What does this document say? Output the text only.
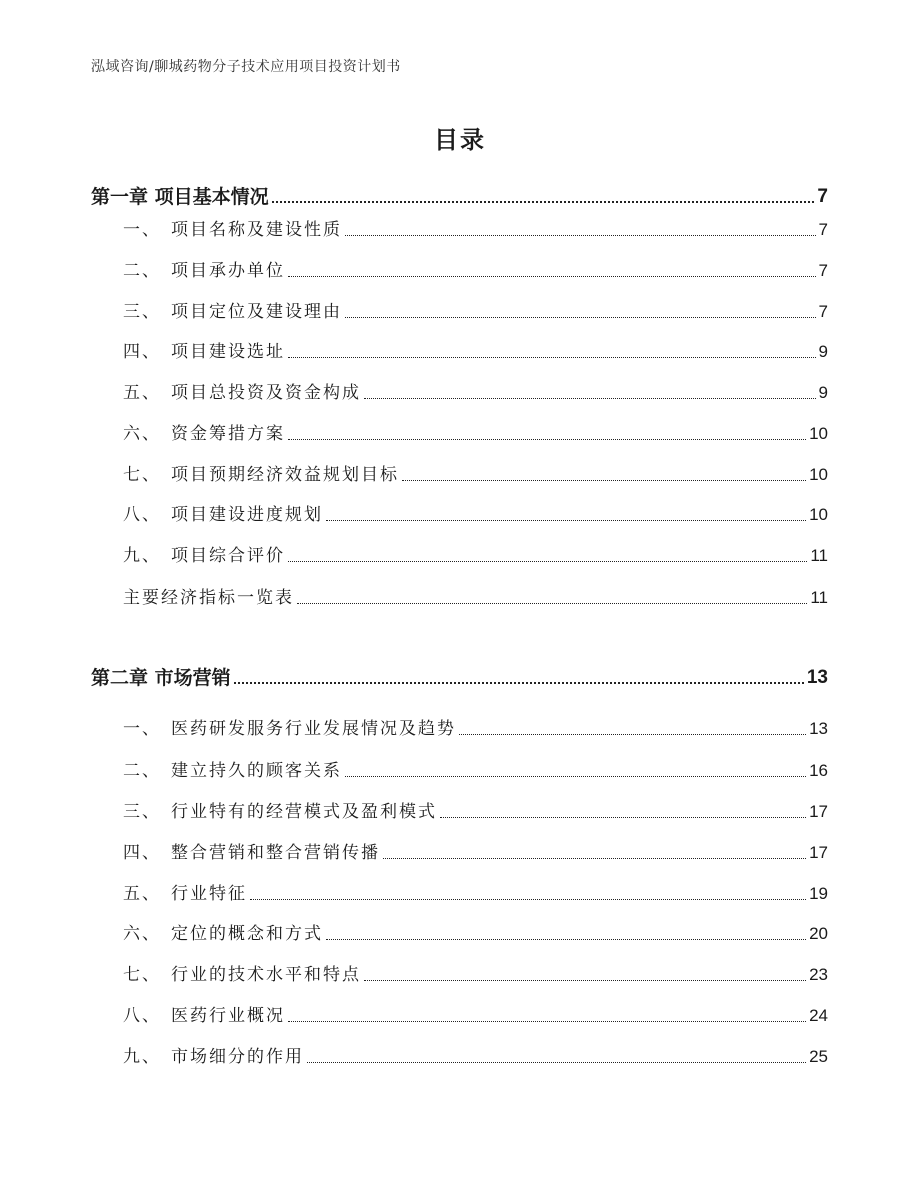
泓域咨询/聊城药物分子技术应用项目投资计划书
目录
第一章 项目基本情况	7
一、 项目名称及建设性质	7
二、 项目承办单位	7
三、 项目定位及建设理由	7
四、 项目建设选址	9
五、 项目总投资及资金构成	9
六、 资金筹措方案	10
七、 项目预期经济效益规划目标	10
八、 项目建设进度规划	10
九、 项目综合评价	11
主要经济指标一览表	11
第二章 市场营销	13
一、 医药研发服务行业发展情况及趋势	13
二、 建立持久的顾客关系	16
三、 行业特有的经营模式及盈利模式	17
四、 整合营销和整合营销传播	17
五、 行业特征	19
六、 定位的概念和方式	20
七、 行业的技术水平和特点	23
八、 医药行业概况	24
九、 市场细分的作用	25
